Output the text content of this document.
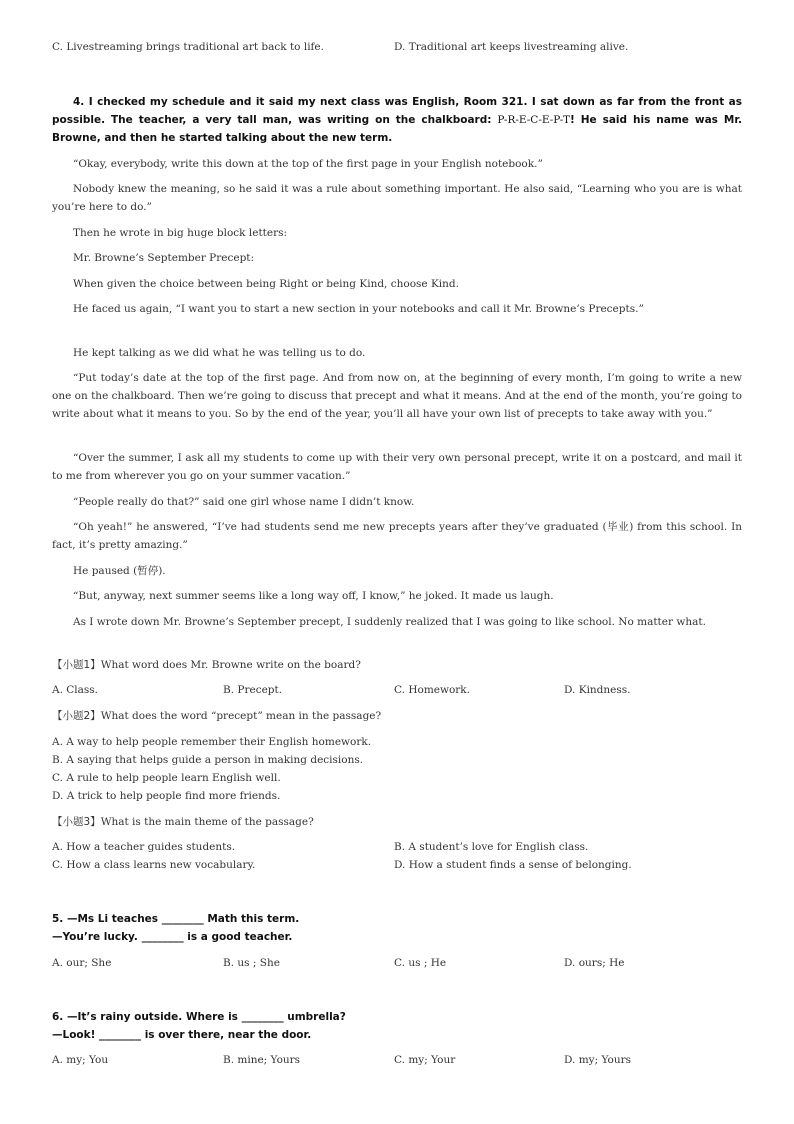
C. Livestreaming brings traditional art back to life.	D. Traditional art keeps livestreaming alive.
4. I checked my schedule and it said my next class was English, Room 321. I sat down as far from the front as possible. The teacher, a very tall man, was writing on the chalkboard: P-R-E-C-E-P-T! He said his name was Mr. Browne, and then he started talking about the new term.
“Okay, everybody, write this down at the top of the first page in your English notebook.”
Nobody knew the meaning, so he said it was a rule about something important. He also said, “Learning who you are is what you’re here to do.”
Then he wrote in big huge block letters:
Mr. Browne’s September Precept:
When given the choice between being Right or being Kind, choose Kind.
He faced us again, “I want you to start a new section in your notebooks and call it Mr. Browne’s Precepts.”
He kept talking as we did what he was telling us to do.
“Put today’s date at the top of the first page. And from now on, at the beginning of every month, I’m going to write a new one on the chalkboard. Then we’re going to discuss that precept and what it means. And at the end of the month, you’re going to write about what it means to you. So by the end of the year, you’ll all have your own list of precepts to take away with you.”
“Over the summer, I ask all my students to come up with their very own personal precept, write it on a postcard, and mail it to me from wherever you go on your summer vacation.”
“People really do that?” said one girl whose name I didn’t know.
“Oh yeah!” he answered, “I’ve had students send me new precepts years after they’ve graduated (毕业) from this school. In fact, it’s pretty amazing.”
He paused (暂停).
“But, anyway, next summer seems like a long way off, I know,” he joked. It made us laugh.
As I wrote down Mr. Browne’s September precept, I suddenly realized that I was going to like school. No matter what.
【小题1】What word does Mr. Browne write on the board?
A. Class.	B. Precept.	C. Homework.	D. Kindness.
【小题2】What does the word “precept” mean in the passage?
A. A way to help people remember their English homework.
B. A saying that helps guide a person in making decisions.
C. A rule to help people learn English well.
D. A trick to help people find more friends.
【小题3】What is the main theme of the passage?
A. How a teacher guides students.	B. A student’s love for English class.
C. How a class learns new vocabulary.	D. How a student finds a sense of belonging.
5. —Ms Li teaches ________ Math this term.
—You’re lucky. ________ is a good teacher.
A. our; She	B. us ; She	C. us ; He	D. ours; He
6. —It’s rainy outside. Where is ________ umbrella?
—Look! ________ is over there, near the door.
A. my; You	B. mine; Yours	C. my; Your	D. my; Yours
